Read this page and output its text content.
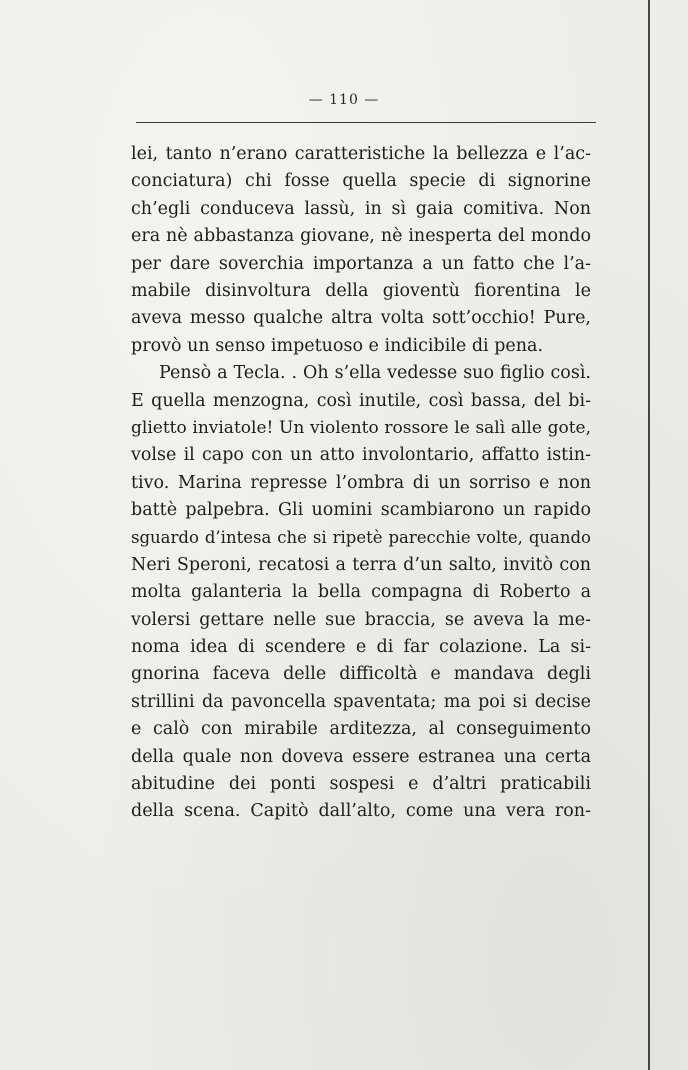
— 110 —
lei, tanto n’erano caratteristiche la bellezza e l’ac-
conciatura) chi fosse quella specie di signorine
ch’egli conduceva lassù, in sì gaia comitiva. Non
era nè abbastanza giovane, nè inesperta del mondo
per dare soverchia importanza a un fatto che l’a-
mabile disinvoltura della gioventù fiorentina le
aveva messo qualche altra volta sott’occhio! Pure,
provò un senso impetuoso e indicibile di pena.
Pensò a Tecla. . Oh s’ella vedesse suo figlio così.
E quella menzogna, così inutile, così bassa, del bi-
glietto inviatole! Un violento rossore le salì alle gote,
volse il capo con un atto involontario, affatto istin-
tivo. Marina represse l’ombra di un sorriso e non
battè palpebra. Gli uomini scambiarono un rapido
sguardo d’intesa che si ripetè parecchie volte, quando
Neri Speroni, recatosi a terra d’un salto, invitò con
molta galanteria la bella compagna di Roberto a
volersi gettare nelle sue braccia, se aveva la me-
noma idea di scendere e di far colazione. La si-
gnorina faceva delle difficoltà e mandava degli
strillini da pavoncella spaventata; ma poi si decise
e calò con mirabile arditezza, al conseguimento
della quale non doveva essere estranea una certa
abitudine dei ponti sospesi e d’altri praticabili
della scena. Capitò dall’alto, come una vera ron-
